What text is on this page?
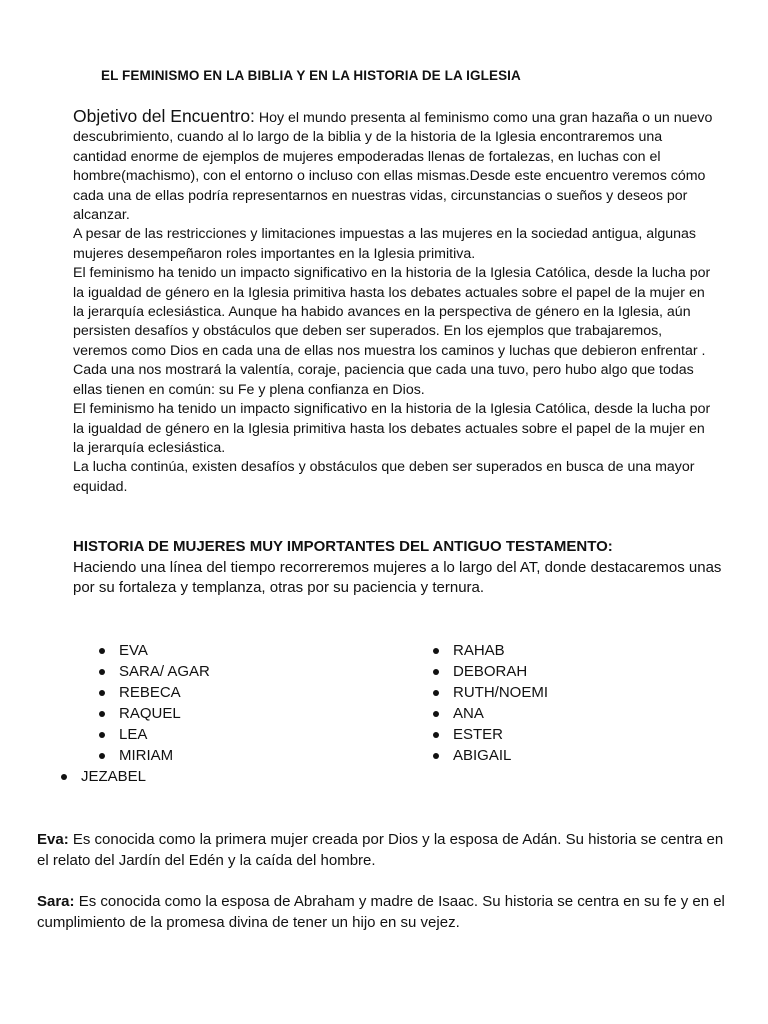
EL FEMINISMO EN LA BIBLIA Y EN LA HISTORIA DE LA IGLESIA

Objetivo del Encuentro: Hoy el mundo presenta al feminismo como una gran hazaña o un nuevo descubrimiento, cuando al lo largo de la biblia y de la historia de la Iglesia encontraremos una cantidad enorme de ejemplos de mujeres empoderadas llenas de fortalezas, en luchas con el hombre(machismo), con el entorno o incluso con ellas mismas.Desde este encuentro veremos cómo cada una de ellas podría representarnos en nuestras vidas, circunstancias o sueños y deseos por alcanzar.

A pesar de las restricciones y limitaciones impuestas a las mujeres en la sociedad antigua, algunas mujeres desempeñaron roles importantes en la Iglesia primitiva.

El feminismo ha tenido un impacto significativo en la historia de la Iglesia Católica, desde la lucha por la igualdad de género en la Iglesia primitiva hasta los debates actuales sobre el papel de la mujer en la jerarquía eclesiástica. Aunque ha habido avances en la perspectiva de género en la Iglesia, aún persisten desafíos y obstáculos que deben ser superados. En los ejemplos que trabajaremos, veremos como Dios en cada una de ellas nos muestra los caminos y luchas que debieron enfrentar . Cada una nos mostrará la valentía, coraje, paciencia que cada una tuvo, pero hubo algo que todas ellas tienen en común: su Fe y plena confianza en Dios.

El feminismo ha tenido un impacto significativo en la historia de la Iglesia Católica, desde la lucha por la igualdad de género en la Iglesia primitiva hasta los debates actuales sobre el papel de la mujer en la jerarquía eclesiástica.

La lucha continúa, existen desafíos y obstáculos que deben ser superados en busca de una mayor equidad.

HISTORIA DE MUJERES MUY IMPORTANTES DEL ANTIGUO TESTAMENTO:
Haciendo una línea del tiempo recorreremos mujeres a lo largo del AT, donde destacaremos unas por su fortaleza y templanza, otras por su paciencia y ternura.
EVA
SARA/ AGAR
REBECA
RAQUEL
LEA
MIRIAM
RAHAB
DEBORAH
RUTH/NOEMI
ANA
ESTER
ABIGAIL
JEZABEL
Eva: Es conocida como la primera mujer creada por Dios y la esposa de Adán. Su historia se centra en el relato del Jardín del Edén y la caída del hombre.
Sara: Es conocida como la esposa de Abraham y madre de Isaac. Su historia se centra en su fe y en el cumplimiento de la promesa divina de tener un hijo en su vejez.
